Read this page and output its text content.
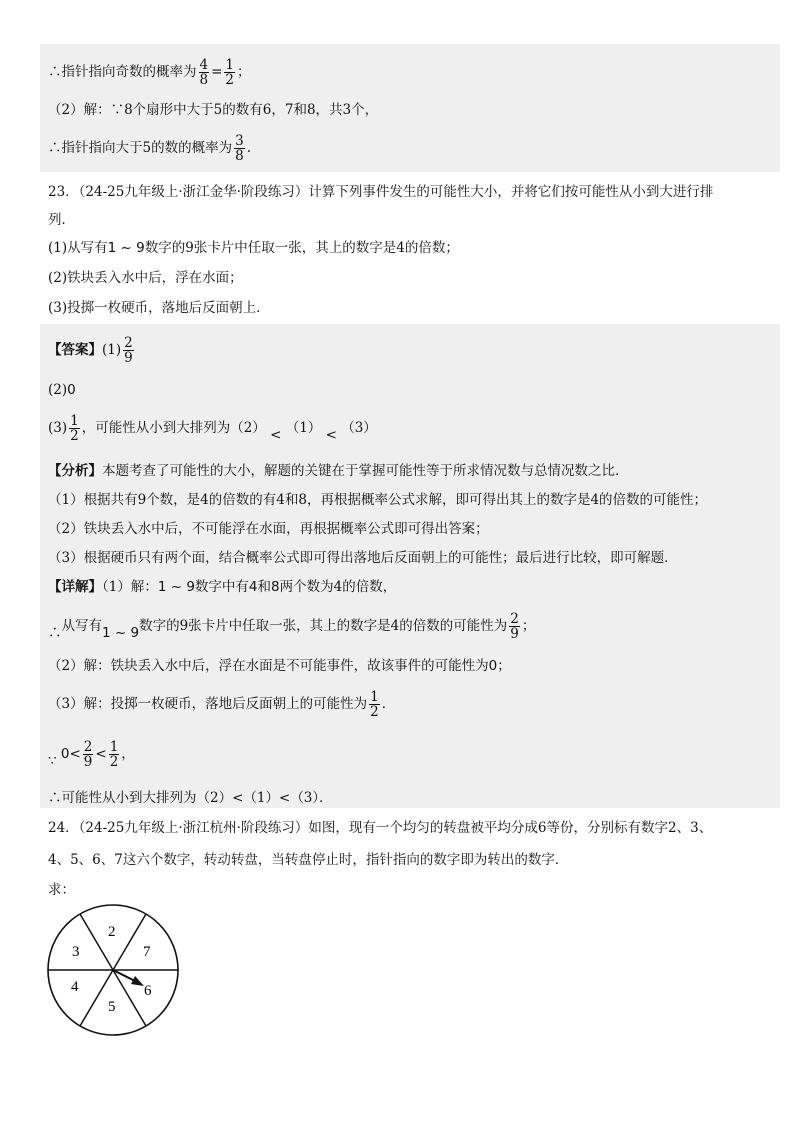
∴指针指向奇数的概率为 $\frac{4}{8} = \frac{1}{2}$ ；
（2）解：∵8个扇形中大于5的数有6，7和8，共3个，
∴指针指向大于5的数的概率为 $\frac{3}{8}$ .
23．（24-25九年级上·浙江金华·阶段练习）计算下列事件发生的可能性大小，并将它们按可能性从小到大进行排
列．
(1)从写有1 ~ 9数字的9张卡片中任取一张，其上的数字是4的倍数；
(2)铁块丢入水中后，浮在水面；
(3)投掷一枚硬币，落地后反面朝上．
【答案】$(1) \frac{2}{9}$
(2)0
$(3) \frac{1}{2}$ ，可能性从小到大排列为（2） < （1） < （3）
【分析】本题考查了可能性的大小，解题的关键在于掌握可能性等于所求情况数与总情况数之比．
（1）根据共有9个数，是4的倍数的有4和8，再根据概率公式求解，即可得出其上的数字是4的倍数的可能性；
（2）铁块丢入水中后，不可能浮在水面，再根据概率公式即可得出答案；
（3）根据硬币只有两个面，结合概率公式即可得出落地后反面朝上的可能性；最后进行比较，即可解题．
【详解】（1）解：1 ~ 9数字中有4和8两个数为4的倍数，
∴从写有1 ~ 9数字的9张卡片中任取一张，其上的数字是4的倍数的可能性为 $\frac{2}{9}$ ；
（2）解：铁块丢入水中后，浮在水面是不可能事件，故该事件的可能性为0；
（3）解：投掷一枚硬币，落地后反面朝上的可能性为 $\frac{1}{2}$ ．
∵ $0< \frac{2}{9} < \frac{1}{2}$ ，
∴可能性从小到大排列为（2）<（1）<（3）．
24．（24-25九年级上·浙江杭州·阶段练习）如图，现有一个均匀的转盘被平均分成6等份，分别标有数字2、3、
4、5、6、7这六个数字，转动转盘，当转盘停止时，指针指向的数字即为转出的数字．
求：
2
7
6
5
4
3
